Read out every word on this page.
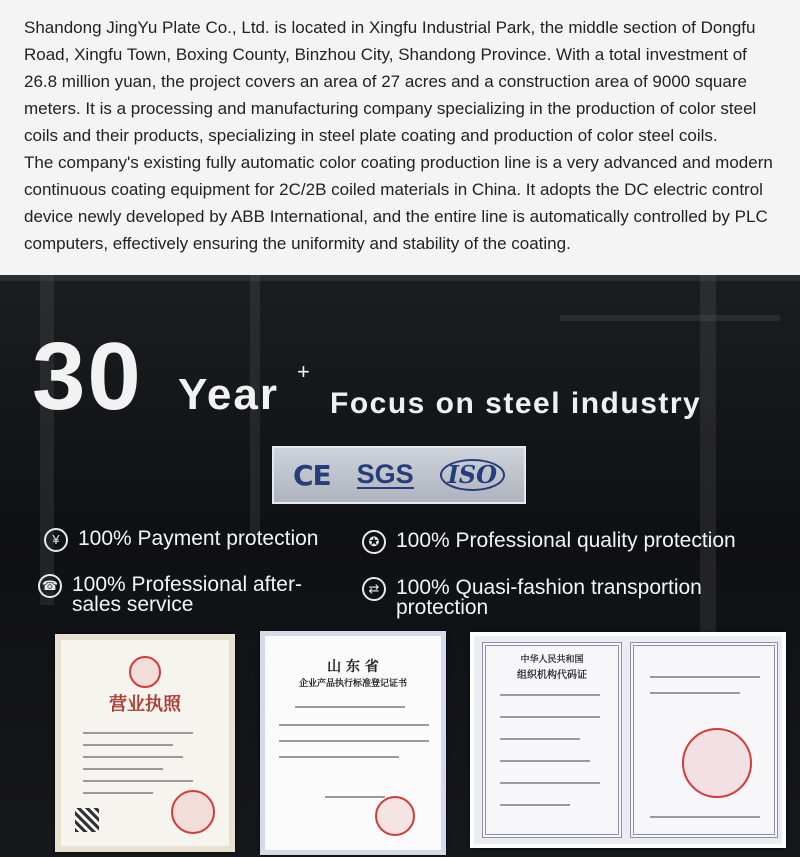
Shandong JingYu Plate Co., Ltd. is located in Xingfu Industrial Park, the middle section of Dongfu Road, Xingfu Town, Boxing County, Binzhou City, Shandong Province. With a total investment of 26.8 million yuan, the project covers an area of 27 acres and a construction area of 9000 square meters. It is a processing and manufacturing company specializing in the production of color steel coils and their products, specializing in steel plate coating and production of color steel coils.

The company's existing fully automatic color coating production line is a very advanced and modern continuous coating equipment for 2C/2B coiled materials in China. It adopts the DC electric control device newly developed by ABB International, and the entire line is automatically controlled by PLC computers, effectively ensuring the uniformity and stability of the coating.

30 Year +
Focus on steel industry
CE SGS	ISO
¥ 100% Payment protection	✪ 100% Professional quality protection
☎ 100% Professional after-sales service
⇄ 100% Quasi-fashion transportion protection
营业执照
山 东 省
企业产品执行标准登记证书
中华人民共和国
组织机构代码证
